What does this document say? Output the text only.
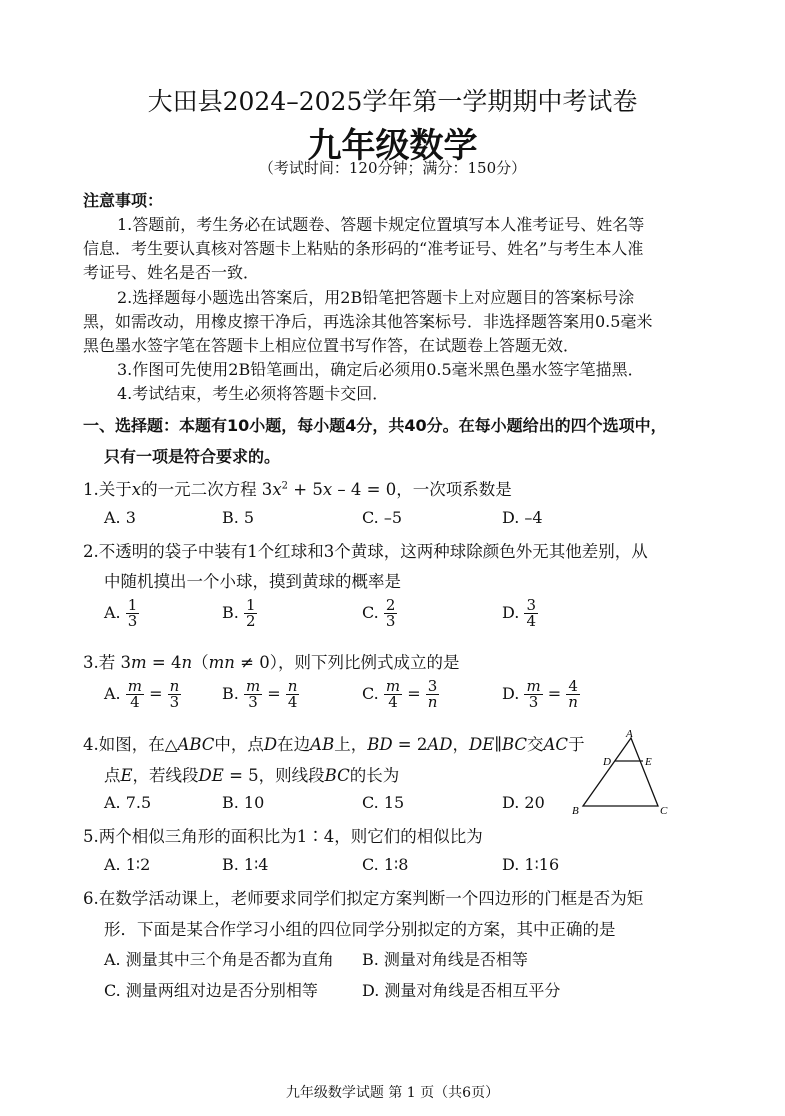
大田县2024–2025学年第一学期期中考试卷
九年级数学
（考试时间：120分钟；满分：150分）
注意事项：
1.答题前，考生务必在试题卷、答题卡规定位置填写本人准考证号、姓名等
信息．考生要认真核对答题卡上粘贴的条形码的“准考证号、姓名”与考生本人准
考证号、姓名是否一致．
2.选择题每小题选出答案后，用2B铅笔把答题卡上对应题目的答案标号涂
黑，如需改动，用橡皮擦干净后，再选涂其他答案标号．非选择题答案用0.5毫米
黑色墨水签字笔在答题卡上相应位置书写作答，在试题卷上答题无效．
3.作图可先使用2B铅笔画出，确定后必须用0.5毫米黑色墨水签字笔描黑．
4.考试结束，考生必须将答题卡交回．
一、选择题：本题有10小题，每小题4分，共40分。在每小题给出的四个选项中，
只有一项是符合要求的。
1.关于x的一元二次方程 $3x^2 + 5x - 4 = 0$，一次项系数是
A. 3	B. 5	C. –5	D. –4
2.不透明的袋子中装有1个红球和3个黄球，这两种球除颜色外无其他差别，从
中随机摸出一个小球，摸到黄球的概率是
A. $\frac{1}{3}$	B. $\frac{1}{2}$	C. $\frac{2}{3}$	D. $\frac{3}{4}$
3.若 3m = 4n（mn ≠ 0），则下列比例式成立的是
A. $\frac{m}{4} = \frac{n}{3}$	B. $\frac{m}{3} = \frac{n}{4}$	C. $\frac{m}{4} = \frac{3}{n}$	D. $\frac{m}{3} = \frac{4}{n}$
4.如图，在△ABC中，点D在边AB上，BD = 2AD，DE∥BC交AC于
点E，若线段DE = 5，则线段BC的长为
A. 7.5	B. 10	C. 15	D. 20
A
D	E
B	C
5.两个相似三角形的面积比为1∶4，则它们的相似比为
A. 1∶2	B. 1∶4	C. 1∶8	D. 1∶16
6.在数学活动课上，老师要求同学们拟定方案判断一个四边形的门框是否为矩
形．下面是某合作学习小组的四位同学分别拟定的方案，其中正确的是
A. 测量其中三个角是否都为直角 B. 测量对角线是否相等
C. 测量两组对边是否分别相等	D. 测量对角线是否相互平分
九年级数学试题 第 1 页（共6页）
